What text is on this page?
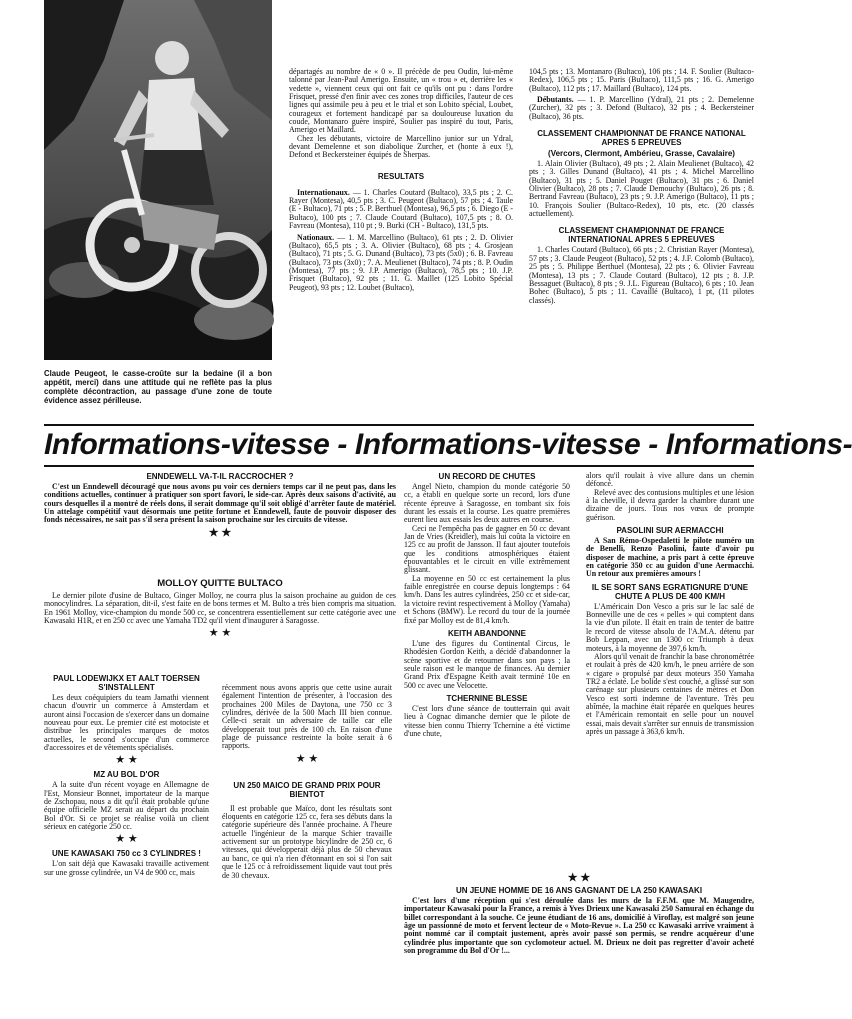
Claude Peugeot, le casse-croûte sur la bedaine (il a bon appétit, merci) dans une attitude qui ne reflète pas la plus complète décontraction, au passage d'une zone de toute évidence assez périlleuse.

départagés au nombre de « 0 ». Il précède de peu Oudin, lui-même talonné par Jean-Paul Amerigo. Ensuite, un « trou » et, derrière les « vedette », viennent ceux qui ont fait ce qu'ils ont pu : dans l'ordre Frisquet, pressé d'en finir avec ces zones trop difficiles, l'auteur de ces lignes qui assimile peu à peu et le trial et son Lobito spécial, Loubet, courageux et fortement handicapé par sa douloureuse luxation du coude, Montanaro guère inspiré, Soulier pas inspiré du tout, Paris, Amerigo et Maillard.

Chez les débutants, victoire de Marcellino junior sur un Ydral, devant Demelenne et son diabolique Zurcher, et (honte à eux !), Defond et Beckersteiner équipés de Sherpas.

RESULTATS

Internationaux. — 1. Charles Coutard (Bultaco), 33,5 pts ; 2. C. Rayer (Montesa), 40,5 pts ; 3. C. Peugeot (Bultaco), 57 pts ; 4. Taule (E - Bultaco), 71 pts ; 5. P. Berthuel (Montesa), 96,5 pts ; 6. Diego (E - Bultaco), 100 pts ; 7. Claude Coutard (Bultaco), 107,5 pts ; 8. O. Favreau (Montesa), 110 pt ; 9. Burki (CH - Bultaco), 131,5 pts.

Nationaux. — 1. M. Marcellino (Bultaco), 61 pts ; 2. D. Olivier (Bultaco), 65,5 pts ; 3. A. Olivier (Bultaco), 68 pts ; 4. Grosjean (Bultaco), 71 pts ; 5. G. Dunand (Bultaco), 73 pts (5x0) ; 6. B. Favreau (Bultaco), 73 pts (3x0) ; 7. A. Meulienet (Bultaco), 74 pts ; 8. P. Oudin (Montesa), 77 pts ; 9. J.P. Amerigo (Bultaco), 78,5 pts ; 10. J.P. Frisquet (Bultaco), 92 pts ; 11. G. Maillet (125 Lobito Spécial Peugeot), 93 pts ; 12. Loubet (Bultaco),

104,5 pts ; 13. Montanaro (Bultaco), 106 pts ; 14. F. Soulier (Bultaco-Redex), 106,5 pts ; 15. Paris (Bultaco), 111,5 pts ; 16. G. Amerigo (Bultaco), 112 pts ; 17. Maillard (Bultaco), 124 pts.

Débutants. — 1. P. Marcellino (Ydral), 21 pts ; 2. Demelenne (Zurcher), 32 pts ; 3. Defond (Bultaco), 32 pts ; 4. Beckersteiner (Bultaco), 36 pts.

CLASSEMENT CHAMPIONNAT DE FRANCE NATIONAL APRES 5 EPREUVES
(Vercors, Clermont, Ambérieu, Grasse, Cavalaire)

1. Alain Olivier (Bultaco), 49 pts ; 2. Alain Meulienet (Bultaco), 42 pts ; 3. Gilles Dunand (Bultaco), 41 pts ; 4. Michel Marcellino (Bultaco), 31 pts ; 5. Daniel Pouget (Bultaco), 31 pts ; 6. Daniel Olivier (Bultaco), 28 pts ; 7. Claude Demouchy (Bultaco), 26 pts ; 8. Bertrand Favreau (Bultaco), 23 pts ; 9. J.P. Amerigo (Bultaco), 11 pts ; 10. François Soulier (Bultaco-Redex), 10 pts, etc. (20 classés actuellement).

CLASSEMENT CHAMPIONNAT DE FRANCE INTERNATIONAL APRES 5 EPREUVES

1. Charles Coutard (Bultaco), 66 pts ; 2. Christian Rayer (Montesa), 57 pts ; 3. Claude Peugeot (Bultaco), 52 pts ; 4. J.F. Colomb (Bultaco), 25 pts ; 5. Philippe Berthuel (Montesa), 22 pts ; 6. Olivier Favreau (Montesa), 13 pts ; 7. Claude Coutard (Bultaco), 12 pts ; 8. J.P. Bessaguet (Bultaco), 8 pts ; 9. J.L. Figureau (Bultaco), 6 pts ; 10. Jean Bohec (Bultaco), 5 pts ; 11. Cavaillé (Bultaco), 1 pt, (11 pilotes classés).

Informations-vitesse - Informations-vitesse - Informations-
ENNDEWELL VA-T-IL RACCROCHER ?

C'est un Enndewell découragé que nous avons pu voir ces derniers temps car il ne peut pas, dans les conditions actuelles, continuer à pratiquer son sport favori, le side-car. Après deux saisons d'activité, au cours desquelles il a montré de réels dons, il serait dommage qu'il soit obligé d'arrêter faute de matériel. Un attelage compétitif vaut désormais une petite fortune et Enndewell, faute de pouvoir disposer des fonds nécessaires, ne sait pas s'il sera présent la saison prochaine sur les circuits de vitesse.

★ ★
MOLLOY QUITTE BULTACO

Le dernier pilote d'usine de Bultaco, Ginger Molloy, ne courra plus la saison prochaine au guidon de ces monocylindres. La séparation, dit-il, s'est faite en de bons termes et M. Bulto a très bien compris ma situation. En 1961 Molloy, vice-champion du monde 500 cc, se concentrera essentiellement sur cette catégorie avec une Kawasaki H1R, et en 250 cc avec une Yamaha TD2 qu'il vient d'inaugurer à Saragosse.

★ ★
PAUL LODEWIJKX ET AALT TOERSEN S'INSTALLENT

Les deux coéquipiers du team Jamathi viennent chacun d'ouvrir un commerce à Amsterdam et auront ainsi l'occasion de s'exercer dans un domaine nouveau pour eux. Le premier cité est motociste et distribue les principales marques de motos actuelles, le second s'occupe d'un commerce d'accessoires et de vêtements spécialisés.

★ ★
MZ AU BOL D'OR

A la suite d'un récent voyage en Allemagne de l'Est, Monsieur Bonnet, importateur de la marque de Zschopau, nous a dit qu'il était probable qu'une équipe officielle MZ serait au départ du prochain Bol d'Or. Si ce projet se réalise voilà un client sérieux en catégorie 250 cc.

★ ★
UNE KAWASAKI 750 cc 3 CYLINDRES !

L'on sait déjà que Kawasaki travaille activement sur une grosse cylindrée, un V4 de 900 cc, mais

récemment nous avons appris que cette usine aurait également l'intention de présenter, à l'occasion des prochaines 200 Miles de Daytona, une 750 cc 3 cylindres, dérivée de la 500 Mach III bien connue. Celle-ci serait un adversaire de taille car elle développerait tout près de 100 ch. En raison d'une plage de puissance restreinte la boîte serait à 6 rapports.

★ ★
UN 250 MAICO DE GRAND PRIX POUR BIENTOT

Il est probable que Maïco, dont les résultats sont éloquents en catégorie 125 cc, fera ses débuts dans la catégorie supérieure dès l'année prochaine. A l'heure actuelle l'ingénieur de la marque Schier travaille activement sur un prototype bicylindre de 250 cc, 6 vitesses, qui développerait déjà plus de 50 chevaux au banc, ce qui n'a rien d'étonnant en soi si l'on sait que le 125 cc à refroidissement liquide vaut tout près de 30 chevaux.

UN RECORD DE CHUTES

Angel Nieto, champion du monde catégorie 50 cc, a établi en quelque sorte un record, lors d'une récente épreuve à Saragosse, en tombant six fois durant les essais et la course. Les quatre premières eurent lieu aux essais les deux autres en course.

Ceci ne l'empêcha pas de gagner en 50 cc devant Jan de Vries (Kreidler), mais lui coûta la victoire en 125 cc au profit de Jansson. Il faut ajouter toutefois que les conditions atmosphériques étaient épouvantables et le circuit en ville extrêmement glissant.

La moyenne en 50 cc est certainement la plus faible enregistrée en course depuis longtemps : 64 km/h. Dans les autres cylindrées, 250 cc et side-car, la victoire revint respectivement à Molloy (Yamaha) et Schons (BMW). Le record du tour de la journée fixé par Molloy est de 81,4 km/h.

KEITH ABANDONNE

L'une des figures du Continental Circus, le Rhodésien Gordon Keith, a décidé d'abandonner la scène sportive et de retourner dans son pays ; la seule raison est le manque de finances. Au dernier Grand Prix d'Espagne Keith avait terminé 10e en 500 cc avec une Velocette.

TCHERNINE BLESSE

C'est lors d'une séance de toutterrain qui avait lieu à Cognac dimanche dernier que le pilote de vitesse bien connu Thierry Tchernine a été victime d'une chute,

alors qu'il roulait à vive allure dans un chemin défoncé.

Relevé avec des contusions multiples et une lésion à la cheville, il devra garder la chambre durant une dizaine de jours. Tous nos vœux de prompte guérison.

PASOLINI SUR AERMACCHI

A San Rémo-Ospedaletti le pilote numéro un de Benelli, Renzo Pasolini, faute d'avoir pu disposer de machine, a pris part à cette épreuve en catégorie 350 cc au guidon d'une Aermacchi. Un retour aux premières amours !

IL SE SORT SANS EGRATIGNURE D'UNE CHUTE A PLUS DE 400 KM/H

L'Américain Don Vesco a pris sur le lac salé de Bonneville une de ces « pelles » qui comptent dans la vie d'un pilote. Il était en train de tenter de battre le record de vitesse absolu de l'A.M.A. détenu par Bob Leppan, avec un 1300 cc Triumph à deux moteurs, à la moyenne de 397,6 km/h.

Alors qu'il venait de franchir la base chronométrée et roulait à près de 420 km/h, le pneu arrière de son « cigare » propulsé par deux moteurs 350 Yamaha TR2 a éclaté. Le bolide s'est couché, a glissé sur son carénage sur plusieurs centaines de mètres et Don Vesco est sorti indemne de l'aventure. Très peu abîmée, la machine était réparée en quelques heures et l'Américain remontait en selle pour un nouvel essai, mais devait s'arrêter sur ennuis de transmission après un passage à 363,6 km/h.

★ ★
UN JEUNE HOMME DE 16 ANS GAGNANT DE LA 250 KAWASAKI

C'est lors d'une réception qui s'est déroulée dans les murs de la F.F.M. que M. Maugendre, importateur Kawasaki pour la France, a remis à Yves Drieux une Kawasaki 250 Samuraï en échange du billet correspondant à la souche. Ce jeune étudiant de 16 ans, domicilié à Viroflay, est malgré son jeune âge un passionné de moto et fervent lecteur de « Moto-Revue ». La 250 cc Kawasaki arrive vraiment à point nommé car il comptait justement, après avoir passé son permis, se rendre acquéreur d'une cylindrée plus importante que son cyclomoteur actuel. M. Drieux ne doit pas regretter d'avoir acheté son programme du Bol d'Or !...
